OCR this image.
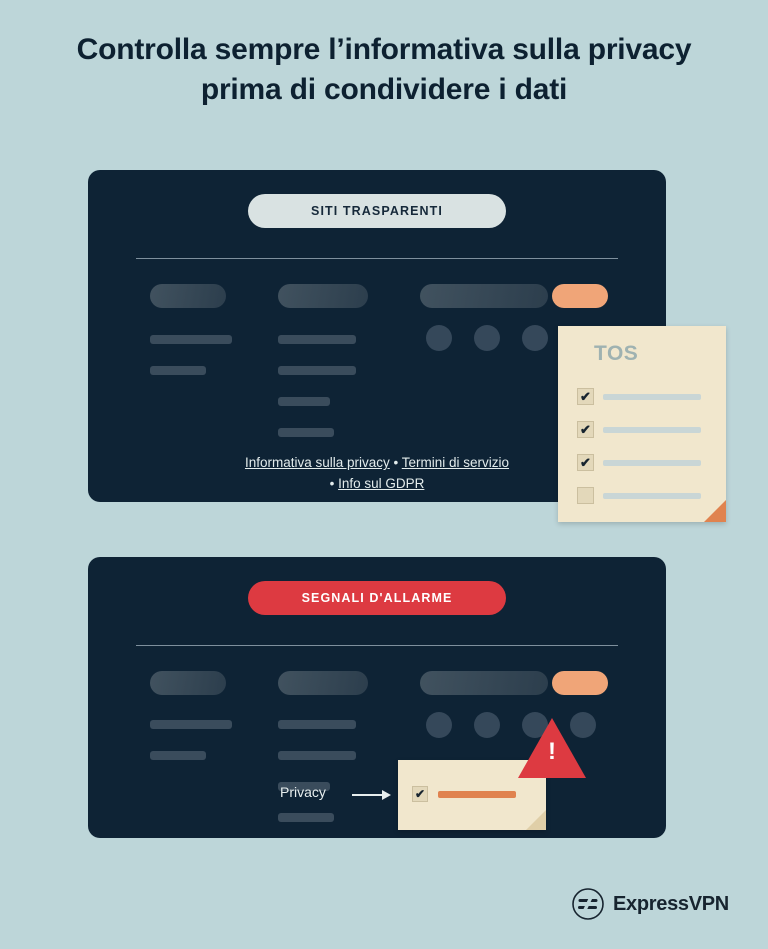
Controlla sempre l’informativa sulla privacy prima di condividere i dati
SITI TRASPARENTI
Informativa sulla privacy • Termini di servizio
• Info sul GDPR
TOS
✔
✔
✔
SEGNALI D'ALLARME
Privacy	✔
!
ExpressVPN
